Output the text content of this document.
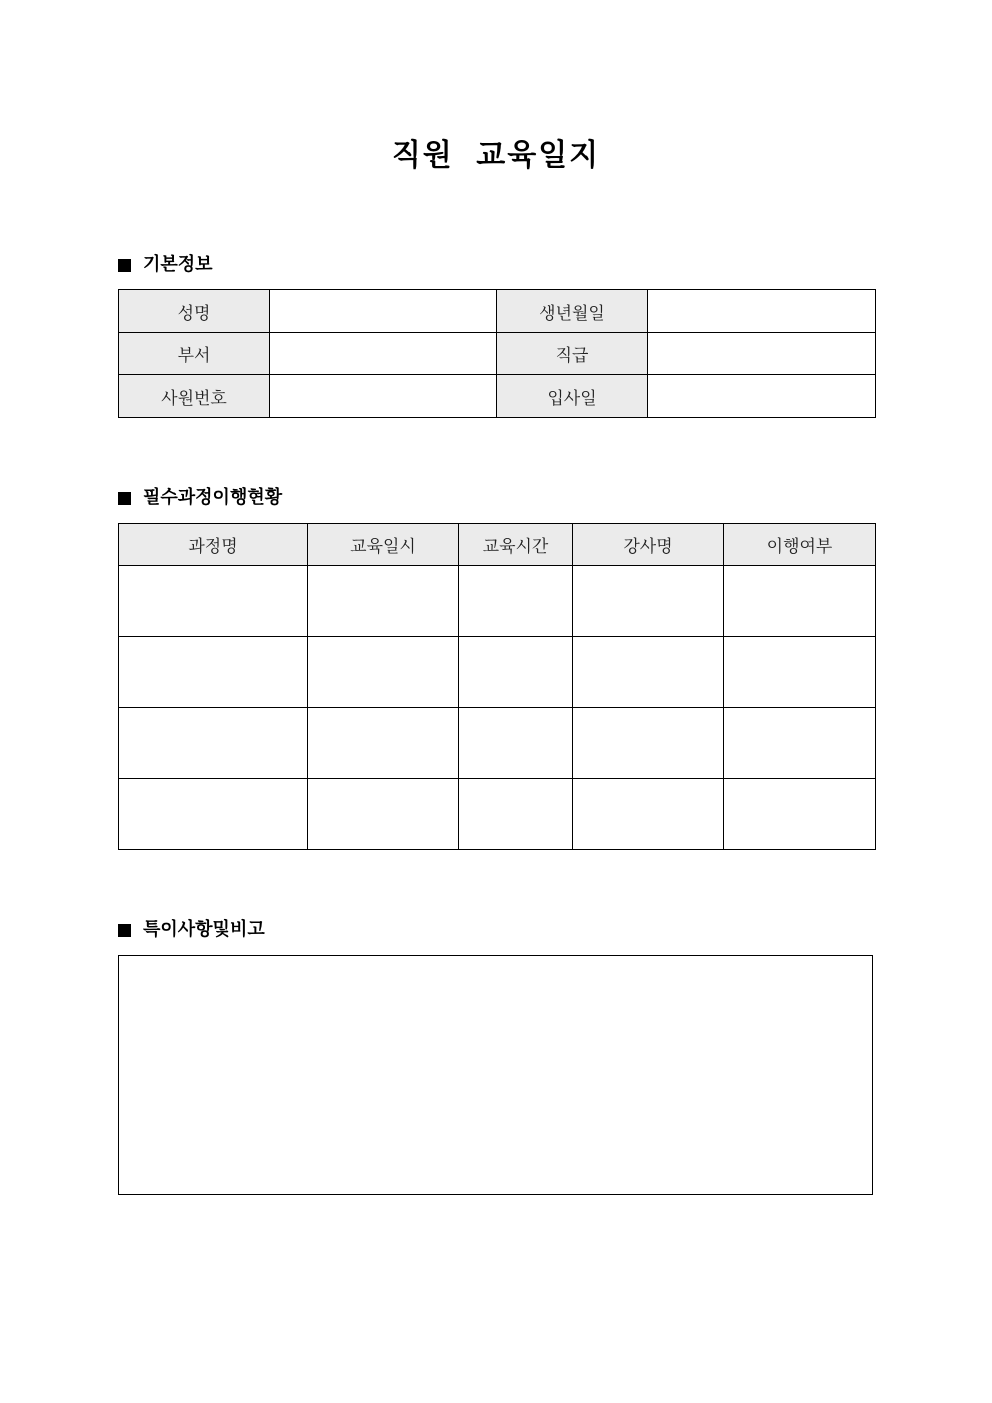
직원 교육일지
기본정보
성명		생년월일	
부서		직급	
사원번호		입사일	
필수과정이행현황
과정명	교육일시	교육시간	강사명	이행여부

특이사항및비고
